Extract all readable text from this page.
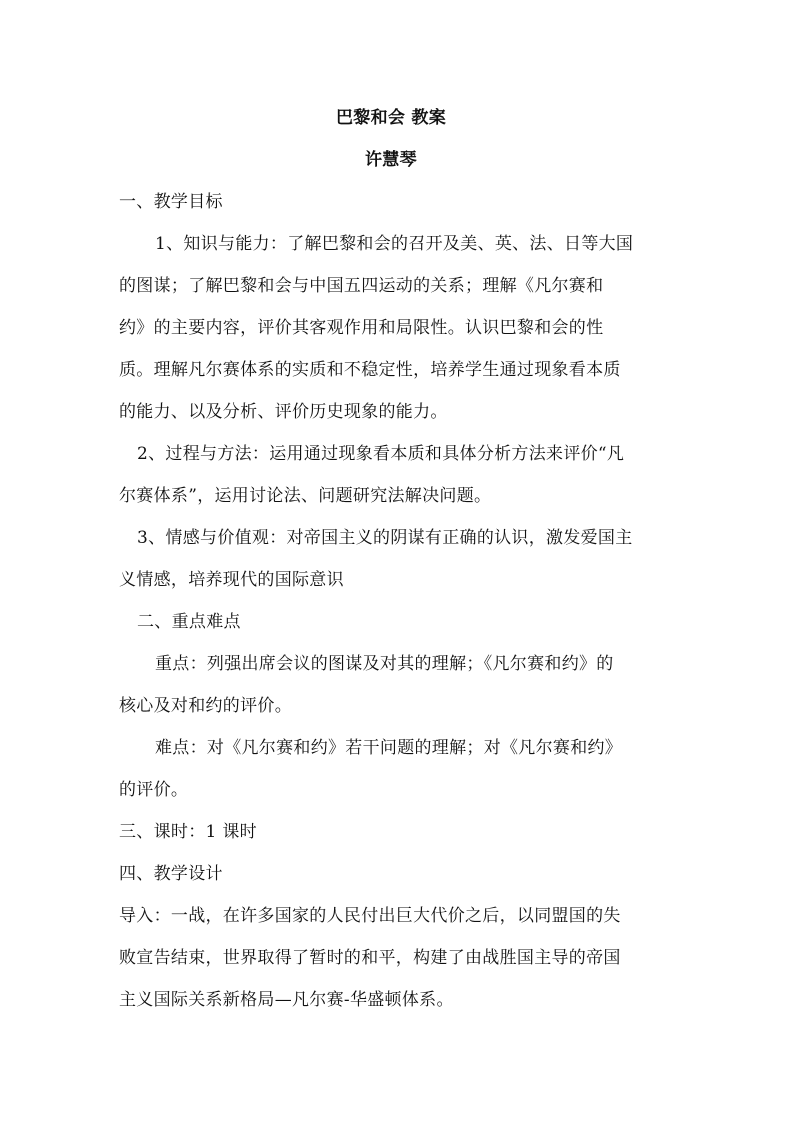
巴黎和会 教案
许慧琴
一、教学目标
1、知识与能力：了解巴黎和会的召开及美、英、法、日等大国
的图谋；了解巴黎和会与中国五四运动的关系；理解《凡尔赛和
约》的主要内容，评价其客观作用和局限性。认识巴黎和会的性
质。理解凡尔赛体系的实质和不稳定性，培养学生通过现象看本质
的能力、以及分析、评价历史现象的能力。
2、过程与方法：运用通过现象看本质和具体分析方法来评价“凡
尔赛体系”，运用讨论法、问题研究法解决问题。
3、情感与价值观：对帝国主义的阴谋有正确的认识，激发爱国主
义情感，培养现代的国际意识
二、重点难点
重点：列强出席会议的图谋及对其的理解；《凡尔赛和约》的
核心及对和约的评价。
难点：对《凡尔赛和约》若干问题的理解；对《凡尔赛和约》
的评价。
三、课时：1 课时
四、教学设计
导入：一战，在许多国家的人民付出巨大代价之后，以同盟国的失
败宣告结束，世界取得了暂时的和平，构建了由战胜国主导的帝国
主义国际关系新格局—凡尔赛-华盛顿体系。
